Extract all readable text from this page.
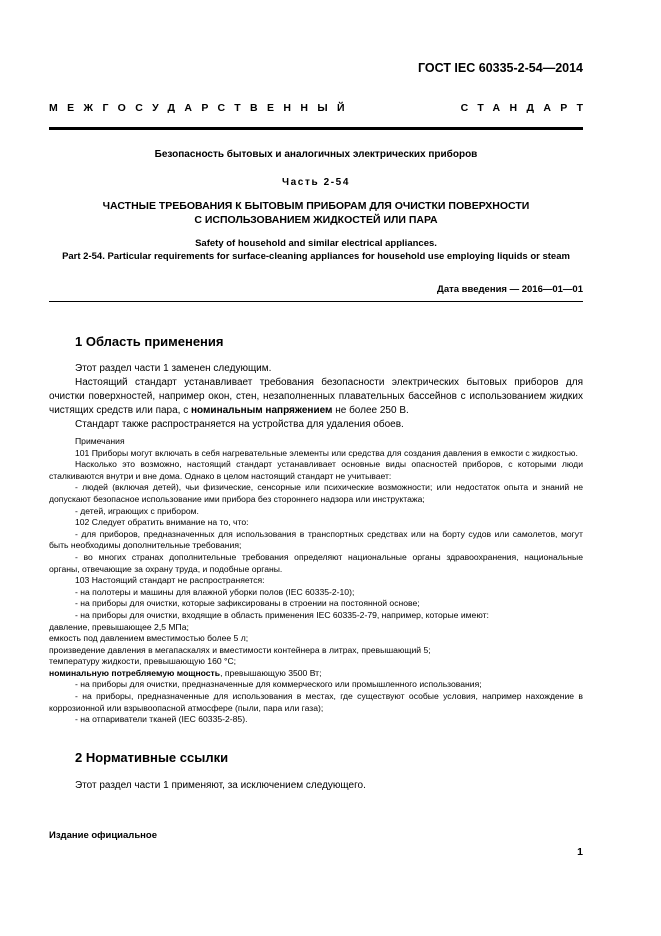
ГОСТ IEC 60335-2-54—2014
МЕЖГОСУДАРСТВЕННЫЙ	СТАНДАРТ
Безопасность бытовых и аналогичных электрических приборов
Часть 2-54
ЧАСТНЫЕ ТРЕБОВАНИЯ К БЫТОВЫМ ПРИБОРАМ ДЛЯ ОЧИСТКИ ПОВЕРХНОСТИ
С ИСПОЛЬЗОВАНИЕМ ЖИДКОСТЕЙ ИЛИ ПАРА
Safety of household and similar electrical appliances.
Part 2-54. Particular requirements for surface-cleaning appliances for household use employing liquids or steam
Дата введения — 2016—01—01
1 Область применения

Этот раздел части 1 заменен следующим.

Настоящий стандарт устанавливает требования безопасности электрических бытовых приборов для очистки поверхностей, например окон, стен, незаполненных плавательных бассейнов с использованием жидких чистящих средств или пара, с номинальным напряжением не более 250 В.

Стандарт также распространяется на устройства для удаления обоев.

Примечания

101 Приборы могут включать в себя нагревательные элементы или средства для создания давления в емкости с жидкостью.

Насколько это возможно, настоящий стандарт устанавливает основные виды опасностей приборов, с которыми люди сталкиваются внутри и вне дома. Однако в целом настоящий стандарт не учитывает:

- людей (включая детей), чьи физические, сенсорные или психические возможности; или недостаток опыта и знаний не допускают безопасное использование ими прибора без стороннего надзора или инструктажа;

- детей, играющих с прибором.

102 Следует обратить внимание на то, что:

- для приборов, предназначенных для использования в транспортных средствах или на борту судов или самолетов, могут быть необходимы дополнительные требования;

- во многих странах дополнительные требования определяют национальные органы здравоохранения, национальные органы, отвечающие за охрану труда, и подобные органы.

103 Настоящий стандарт не распространяется:

- на полотеры и машины для влажной уборки полов (IEC 60335-2-10);

- на приборы для очистки, которые зафиксированы в строении на постоянной основе;

- на приборы для очистки, входящие в область применения IEC 60335-2-79, например, которые имеют:

давление, превышающее 2,5 МПа;

емкость под давлением вместимостью более 5 л;

произведение давления в мегапаскалях и вместимости контейнера в литрах, превышающий 5;

температуру жидкости, превышающую 160 °С;

номинальную потребляемую мощность, превышающую 3500 Вт;

- на приборы для очистки, предназначенные для коммерческого или промышленного использования;

- на приборы, предназначенные для использования в местах, где существуют особые условия, например нахождение в коррозионной или взрывоопасной атмосфере (пыли, пара или газа);

- на отпариватели тканей (IEC 60335-2-85).

2 Нормативные ссылки

Этот раздел части 1 применяют, за исключением следующего.

Издание официальное
1
